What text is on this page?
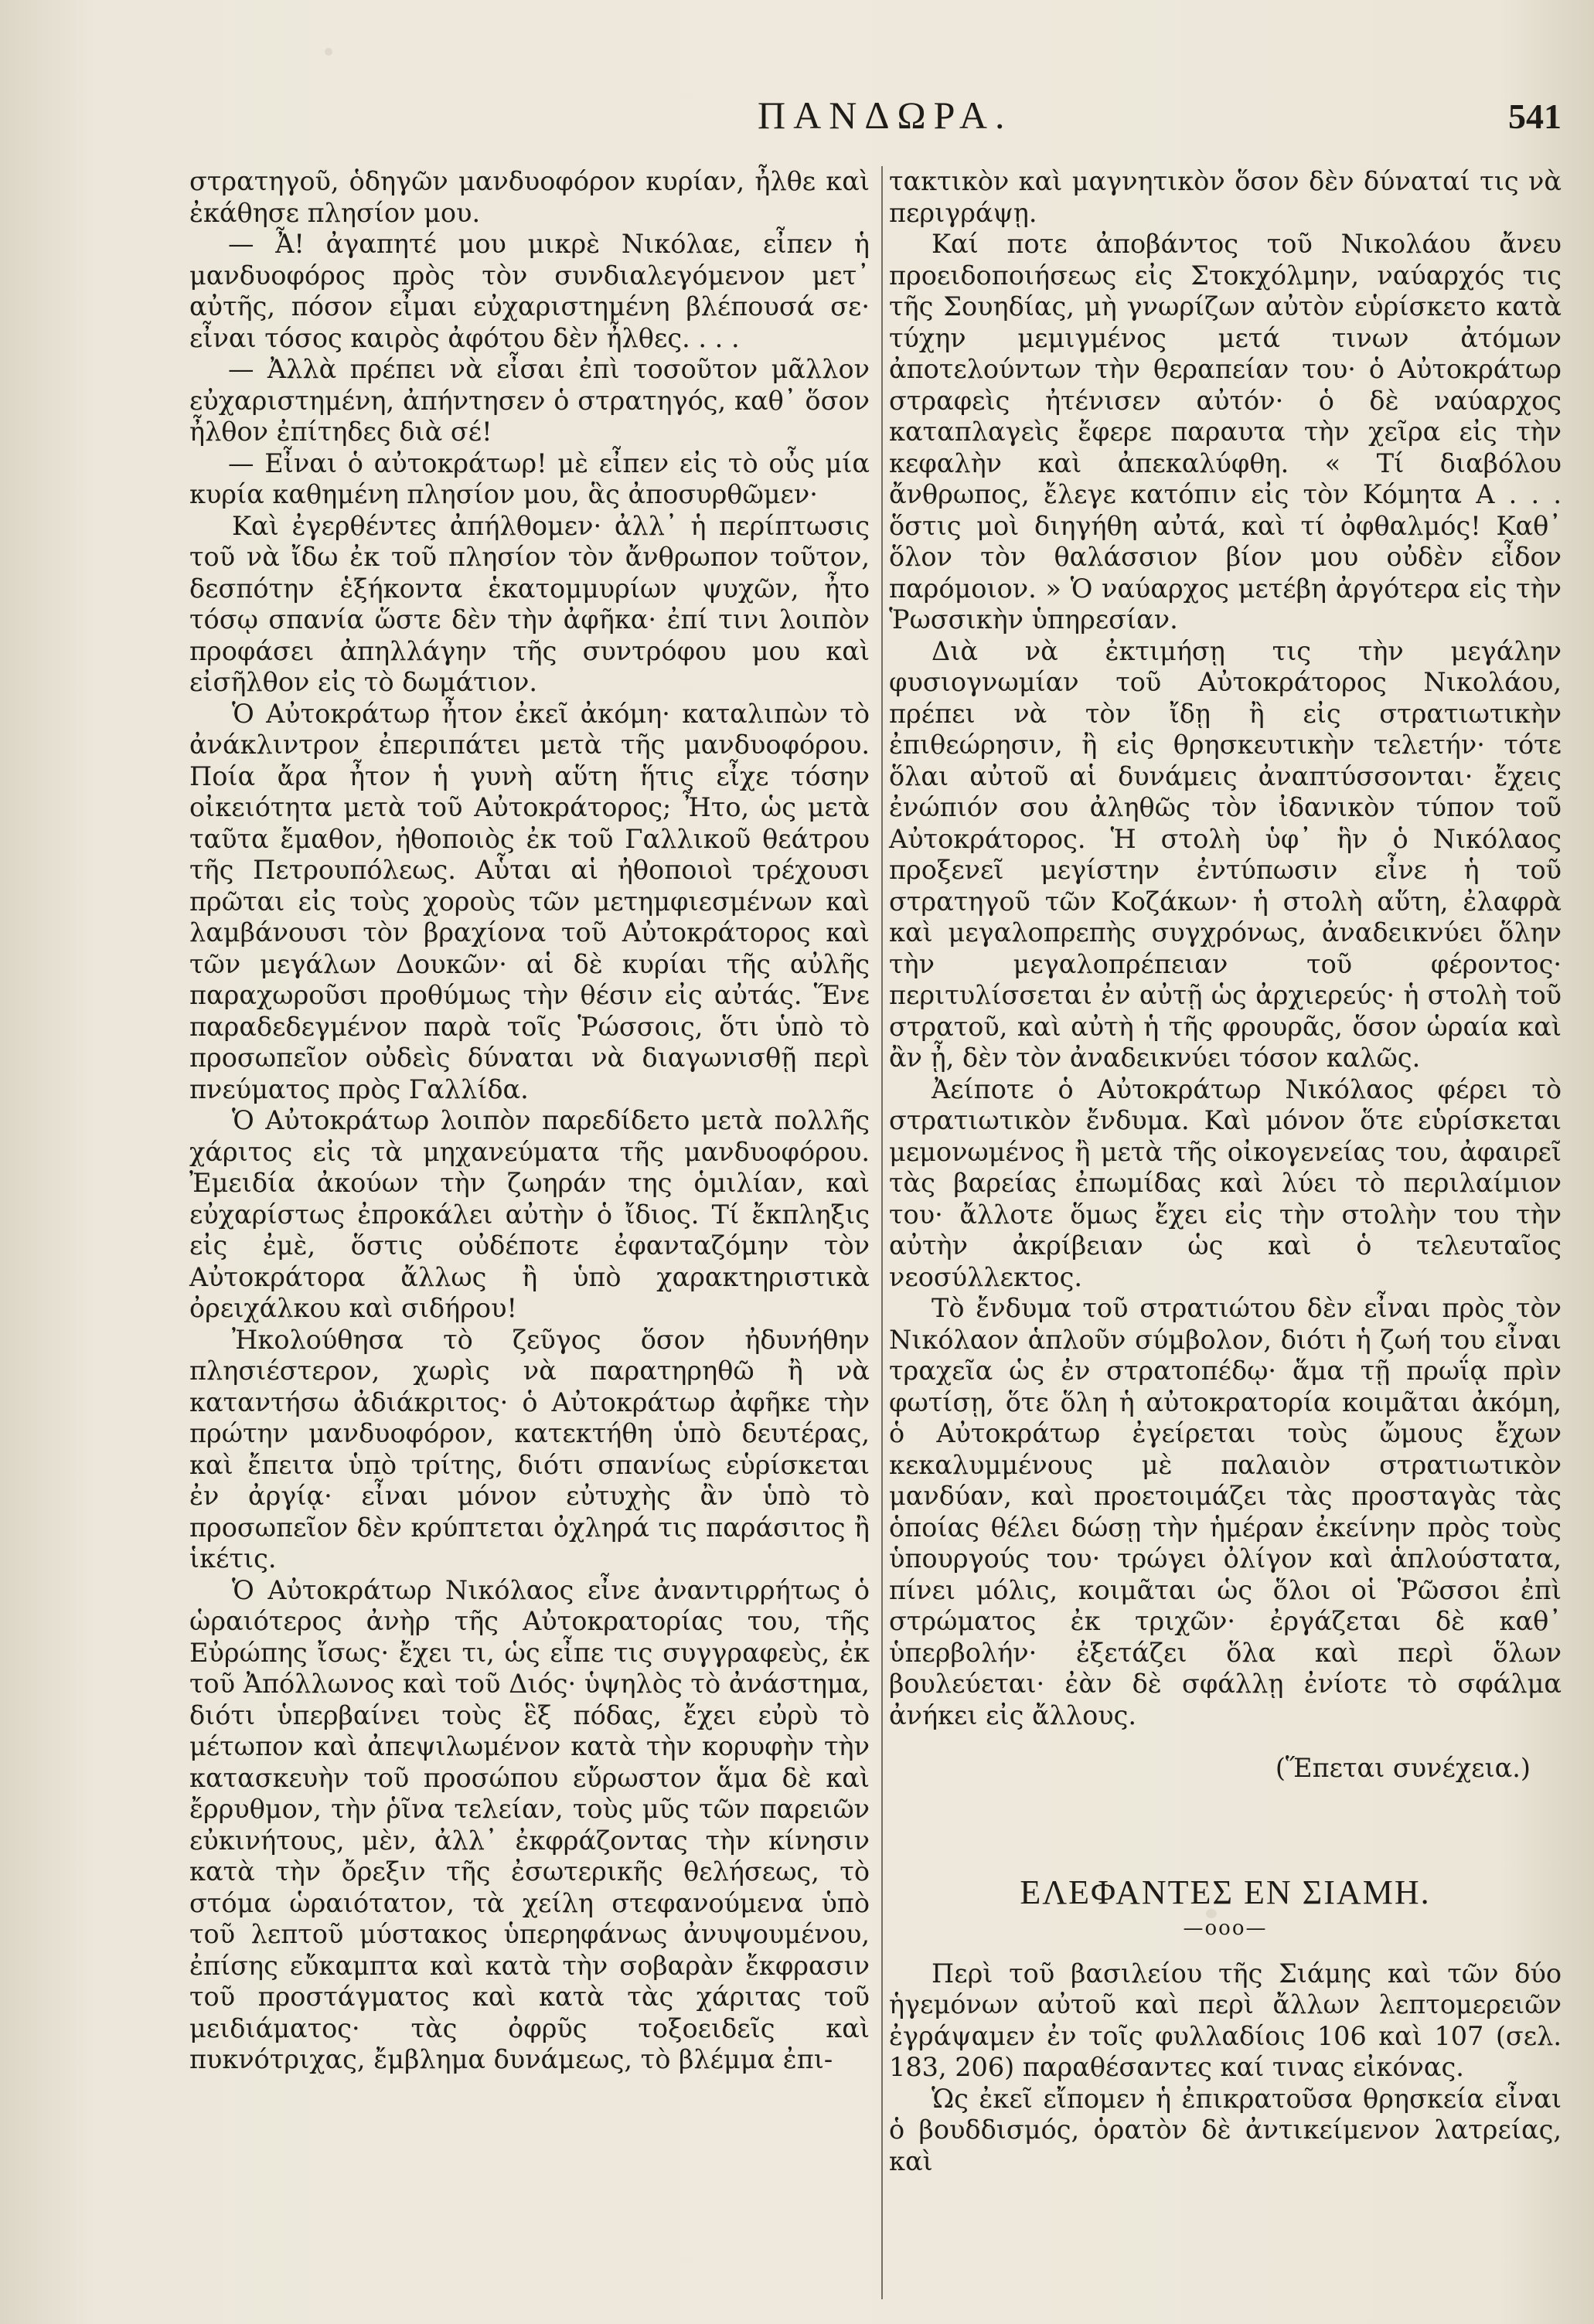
ΠΑΝΔΩΡΑ.	541

στρατηγοῦ, ὁδηγῶν μανδυοφόρον κυρίαν, ἦλθε καὶ ἐκάθησε πλησίον μου.

— Ἆ! ἀγαπητέ μου μικρὲ Νικόλαε, εἶπεν ἡ μανδυοφόρος πρὸς τὸν συνδιαλεγόμενον μετ᾽ αὐτῆς, πόσον εἶμαι εὐχαριστημένη βλέπουσά σε· εἶναι τόσος καιρὸς ἀφότου δὲν ἦλθες. . . .

— Ἀλλὰ πρέπει νὰ εἶσαι ἐπὶ τοσοῦτον μᾶλλον εὐχαριστημένη, ἀπήντησεν ὁ στρατηγός, καθ᾽ ὅσον ἦλθον ἐπίτηδες διὰ σέ!

— Εἶναι ὁ αὐτοκράτωρ! μὲ εἶπεν εἰς τὸ οὖς μία κυρία καθημένη πλησίον μου, ἃς ἀποσυρθῶμεν·

Καὶ ἐγερθέντες ἀπήλθομεν· ἀλλ᾽ ἡ περίπτωσις τοῦ νὰ ἴδω ἐκ τοῦ πλησίον τὸν ἄνθρωπον τοῦτον, δεσπότην ἑξήκοντα ἑκατομμυρίων ψυχῶν, ἦτο τόσῳ σπανία ὥστε δὲν τὴν ἀφῆκα· ἐπί τινι λοιπὸν προφάσει ἀπηλλάγην τῆς συντρόφου μου καὶ εἰσῆλθον εἰς τὸ δωμάτιον.

Ὁ Αὐτοκράτωρ ἦτον ἐκεῖ ἀκόμη· καταλιπὼν τὸ ἀνάκλιντρον ἐπεριπάτει μετὰ τῆς μανδυοφόρου. Ποία ἄρα ἦτον ἡ γυνὴ αὕτη ἥτις εἶχε τόσην οἰκειότητα μετὰ τοῦ Αὐτοκράτορος; Ἦτο, ὡς μετὰ ταῦτα ἔμαθον, ἠθοποιὸς ἐκ τοῦ Γαλλικοῦ θεάτρου τῆς Πετρουπόλεως. Αὗται αἱ ἠθοποιοὶ τρέχουσι πρῶται εἰς τοὺς χοροὺς τῶν μετημφιεσμένων καὶ λαμβάνουσι τὸν βραχίονα τοῦ Αὐτοκράτορος καὶ τῶν μεγάλων Δουκῶν· αἱ δὲ κυρίαι τῆς αὐλῆς παραχωροῦσι προθύμως τὴν θέσιν εἰς αὐτάς. Ἕνε παραδεδεγμένον παρὰ τοῖς Ῥώσσοις, ὅτι ὑπὸ τὸ προσωπεῖον οὐδεὶς δύναται νὰ διαγωνισθῇ περὶ πνεύματος πρὸς Γαλλίδα.

Ὁ Αὐτοκράτωρ λοιπὸν παρεδίδετο μετὰ πολλῆς χάριτος εἰς τὰ μηχανεύματα τῆς μανδυοφόρου. Ἐμειδία ἀκούων τὴν ζωηράν της ὁμιλίαν, καὶ εὐχαρίστως ἐπροκάλει αὐτὴν ὁ ἴδιος. Τί ἔκπληξις εἰς ἐμὲ, ὅστις οὐδέποτε ἐφανταζόμην τὸν Αὐτοκράτορα ἄλλως ἢ ὑπὸ χαρακτηριστικὰ ὀρειχάλκου καὶ σιδήρου!

Ἠκολούθησα τὸ ζεῦγος ὅσον ἠδυνήθην πλησιέστερον, χωρὶς νὰ παρατηρηθῶ ἢ νὰ καταντήσω ἀδιάκριτος· ὁ Αὐτοκράτωρ ἀφῆκε τὴν πρώτην μανδυοφόρον, κατεκτήθη ὑπὸ δευτέρας, καὶ ἔπειτα ὑπὸ τρίτης, διότι σπανίως εὑρίσκεται ἐν ἀργίᾳ· εἶναι μόνον εὐτυχὴς ἂν ὑπὸ τὸ προσωπεῖον δὲν κρύπτεται ὀχληρά τις παράσιτος ἢ ἱκέτις.

Ὁ Αὐτοκράτωρ Νικόλαος εἶνε ἀναντιρρήτως ὁ ὡραιότερος ἀνὴρ τῆς Αὐτοκρατορίας του, τῆς Εὐρώπης ἴσως· ἔχει τι, ὡς εἶπε τις συγγραφεὺς, ἐκ τοῦ Ἀπόλλωνος καὶ τοῦ Διός· ὑψηλὸς τὸ ἀνάστημα, διότι ὑπερβαίνει τοὺς ἓξ πόδας, ἔχει εὐρὺ τὸ μέτωπον καὶ ἀπεψιλωμένον κατὰ τὴν κορυφὴν τὴν κατασκευὴν τοῦ προσώπου εὔρωστον ἅμα δὲ καὶ ἔρρυθμον, τὴν ῥῖνα τελείαν, τοὺς μῦς τῶν παρειῶν εὐκινήτους, μὲν, ἀλλ᾽ ἐκφράζοντας τὴν κίνησιν κατὰ τὴν ὄρεξιν τῆς ἐσωτερικῆς θελήσεως, τὸ στόμα ὡραιότατον, τὰ χείλη στεφανούμενα ὑπὸ τοῦ λεπτοῦ μύστακος ὑπερηφάνως ἀνυψουμένου, ἐπίσης εὔκαμπτα καὶ κατὰ τὴν σοβαρὰν ἔκφρασιν τοῦ προστάγματος καὶ κατὰ τὰς χάριτας τοῦ μειδιάματος· τὰς ὀφρῦς τοξοειδεῖς καὶ πυκνότριχας, ἔμβλημα δυνάμεως, τὸ βλέμμα ἐπι-

τακτικὸν καὶ μαγνητικὸν ὅσον δὲν δύναταί τις νὰ περιγράψῃ.

Καί ποτε ἀποβάντος τοῦ Νικολάου ἄνευ προειδοποιήσεως εἰς Στοκχόλμην, ναύαρχός τις τῆς Σουηδίας, μὴ γνωρίζων αὐτὸν εὑρίσκετο κατὰ τύχην μεμιγμένος μετά τινων ἀτόμων ἀποτελούντων τὴν θεραπείαν του· ὁ Αὐτοκράτωρ στραφεὶς ἠτένισεν αὐτόν· ὁ δὲ ναύαρχος καταπλαγεὶς ἔφερε παραυτα τὴν χεῖρα εἰς τὴν κεφαλὴν καὶ ἀπεκαλύφθη. « Τί διαβόλου ἄνθρωπος, ἔλεγε κατόπιν εἰς τὸν Κόμητα Α . . . ὅστις μοὶ διηγήθη αὐτά, καὶ τί ὀφθαλμός! Καθ᾽ ὅλον τὸν θαλάσσιον βίον μου οὐδὲν εἶδον παρόμοιον. » Ὁ ναύαρχος μετέβη ἀργότερα εἰς τὴν Ῥωσσικὴν ὑπηρεσίαν.

Διὰ νὰ ἐκτιμήσῃ τις τὴν μεγάλην φυσιογνωμίαν τοῦ Αὐτοκράτορος Νικολάου, πρέπει νὰ τὸν ἴδῃ ἢ εἰς στρατιωτικὴν ἐπιθεώρησιν, ἢ εἰς θρησκευτικὴν τελετήν· τότε ὅλαι αὐτοῦ αἱ δυνάμεις ἀναπτύσσονται· ἔχεις ἐνώπιόν σου ἀληθῶς τὸν ἰδανικὸν τύπον τοῦ Αὐτοκράτορος. Ἡ στολὴ ὑφ᾽ ἣν ὁ Νικόλαος προξενεῖ μεγίστην ἐντύπωσιν εἶνε ἡ τοῦ στρατηγοῦ τῶν Κοζάκων· ἡ στολὴ αὕτη, ἐλαφρὰ καὶ μεγαλοπρεπὴς συγχρόνως, ἀναδεικνύει ὅλην τὴν μεγαλοπρέπειαν τοῦ φέροντος· περιτυλίσσεται ἐν αὐτῇ ὡς ἀρχιερεύς· ἡ στολὴ τοῦ στρατοῦ, καὶ αὐτὴ ἡ τῆς φρουρᾶς, ὅσον ὡραία καὶ ἂν ᾖ, δὲν τὸν ἀναδεικνύει τόσον καλῶς.

Ἀείποτε ὁ Αὐτοκράτωρ Νικόλαος φέρει τὸ στρατιωτικὸν ἔνδυμα. Καὶ μόνον ὅτε εὑρίσκεται μεμονωμένος ἢ μετὰ τῆς οἰκογενείας του, ἀφαιρεῖ τὰς βαρείας ἐπωμίδας καὶ λύει τὸ περιλαίμιον του· ἄλλοτε ὅμως ἔχει εἰς τὴν στολὴν του τὴν αὐτὴν ἀκρίβειαν ὡς καὶ ὁ τελευταῖος νεοσύλλεκτος.

Τὸ ἔνδυμα τοῦ στρατιώτου δὲν εἶναι πρὸς τὸν Νικόλαον ἁπλοῦν σύμβολον, διότι ἡ ζωή του εἶναι τραχεῖα ὡς ἐν στρατοπέδῳ· ἅμα τῇ πρωΐᾳ πρὶν φωτίσῃ, ὅτε ὅλη ἡ αὐτοκρατορία κοιμᾶται ἀκόμη, ὁ Αὐτοκράτωρ ἐγείρεται τοὺς ὤμους ἔχων κεκαλυμμένους μὲ παλαιὸν στρατιωτικὸν μανδύαν, καὶ προετοιμάζει τὰς προσταγὰς τὰς ὁποίας θέλει δώσῃ τὴν ἡμέραν ἐκείνην πρὸς τοὺς ὑπουργούς του· τρώγει ὀλίγον καὶ ἁπλούστατα, πίνει μόλις, κοιμᾶται ὡς ὅλοι οἱ Ῥῶσσοι ἐπὶ στρώματος ἐκ τριχῶν· ἐργάζεται δὲ καθ᾽ ὑπερβολήν· ἐξετάζει ὅλα καὶ περὶ ὅλων βουλεύεται· ἐὰν δὲ σφάλλῃ ἐνίοτε τὸ σφάλμα ἀνήκει εἰς ἄλλους.

(Ἕπεται συνέχεια.)

ΕΛΕΦΑΝΤΕΣ ΕΝ ΣΙΑΜΗ.
—ooo—

Περὶ τοῦ βασιλείου τῆς Σιάμης καὶ τῶν δύο ἡγεμόνων αὐτοῦ καὶ περὶ ἄλλων λεπτομερειῶν ἐγράψαμεν ἐν τοῖς φυλλαδίοις 106 καὶ 107 (σελ. 183, 206) παραθέσαντες καί τινας εἰκόνας.

Ὡς ἐκεῖ εἴπομεν ἡ ἐπικρατοῦσα θρησκεία εἶναι ὁ βουδδισμός, ὁρατὸν δὲ ἀντικείμενον λατρείας, καὶ
